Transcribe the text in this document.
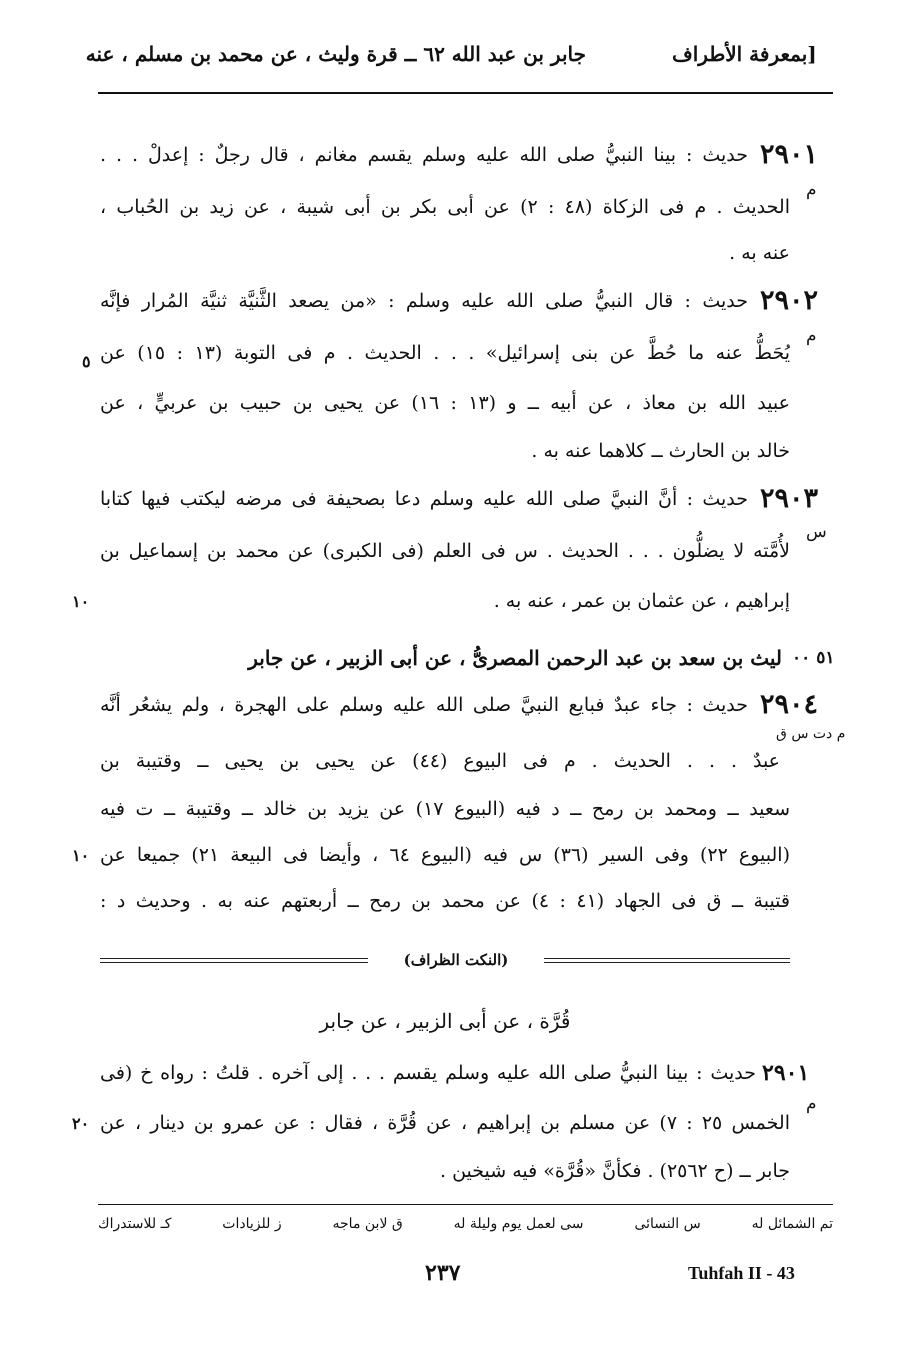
بمعرفة الأطراف]
جابر بن عبد الله ٦٢ ــ قرة وليث ، عن محمد بن مسلم ، عنه
٢٩٠١
حديث : بينا النبيُّ صلى الله عليه وسلم يقسم مغانم ، قال رجلٌ : إعدلْ . . .
م
الحديث . م فى الزكاة (٤٨ : ٢) عن أبى بكر بن أبى شيبة ، عن زيد بن الحُباب ،
عنه به .
٢٩٠٢
حديث : قال النبيُّ صلى الله عليه وسلم : «من يصعد الثَّنيَّة ثنيَّة المُرار فإنَّه
م
٥ يُحَطُّ عنه ما حُطَّ عن بنى إسرائيل» . . . الحديث . م فى التوبة (١٣ : ١٥) عن
عبيد الله بن معاذ ، عن أبيه ــ و (١٣ : ١٦) عن يحيى بن حبيب بن عربيٍّ ، عن
خالد بن الحارث ــ كلاهما عنه به .
٢٩٠٣
حديث : أنَّ النبيَّ صلى الله عليه وسلم دعا بصحيفة فى مرضه ليكتب فيها كتابا
س
لأُمَّته لا يضلُّون . . . الحديث . س فى العلم (فى الكبرى) عن محمد بن إسماعيل بن
١٠	إبراهيم ، عن عثمان بن عمر ، عنه به .
٥١ ٠٠
ليث بن سعد بن عبد الرحمن المصرىُّ ، عن أبى الزبير ، عن جابر
٢٩٠٤
حديث : جاء عبدٌ فبايع النبيَّ صلى الله عليه وسلم على الهجرة ، ولم يشعُر أنَّه
م دت س ق
عبدٌ . . . الحديث . م فى البيوع (٤٤) عن يحيى بن يحيى ــ وقتيبة بن
سعيد ــ ومحمد بن رمح ــ د فيه (البيوع ١٧) عن يزيد بن خالد ــ وقتيبة ــ ت فيه
١٠ (البيوع ٢٢) وفى السير (٣٦) س فيه (البيوع ٦٤ ، وأيضا فى البيعة ٢١) جميعا عن
قتيبة ــ ق فى الجهاد (٤١ : ٤) عن محمد بن رمح ــ أربعتهم عنه به . وحديث د :
(النكت الظراف)
قُرَّة ، عن أبى الزبير ، عن جابر
٢٩٠١
حديث : بينا النبيُّ صلى الله عليه وسلم يقسم . . . إلى آخره . قلتُ : رواه خ (فى
م
٢٠ الخمس ٢٥ : ٧) عن مسلم بن إبراهيم ، عن قُرَّة ، فقال : عن عمرو بن دينار ، عن
جابر ــ (ح ٢٥٦٢) . فكأنَّ «قُرَّة» فيه شيخين .
تم الشمائل له
س النسائى
سى لعمل يوم وليلة له
ق لابن ماجه
ز للزيادات
كـ للاستدراك
٢٣٧	Tuhfah II - 43
